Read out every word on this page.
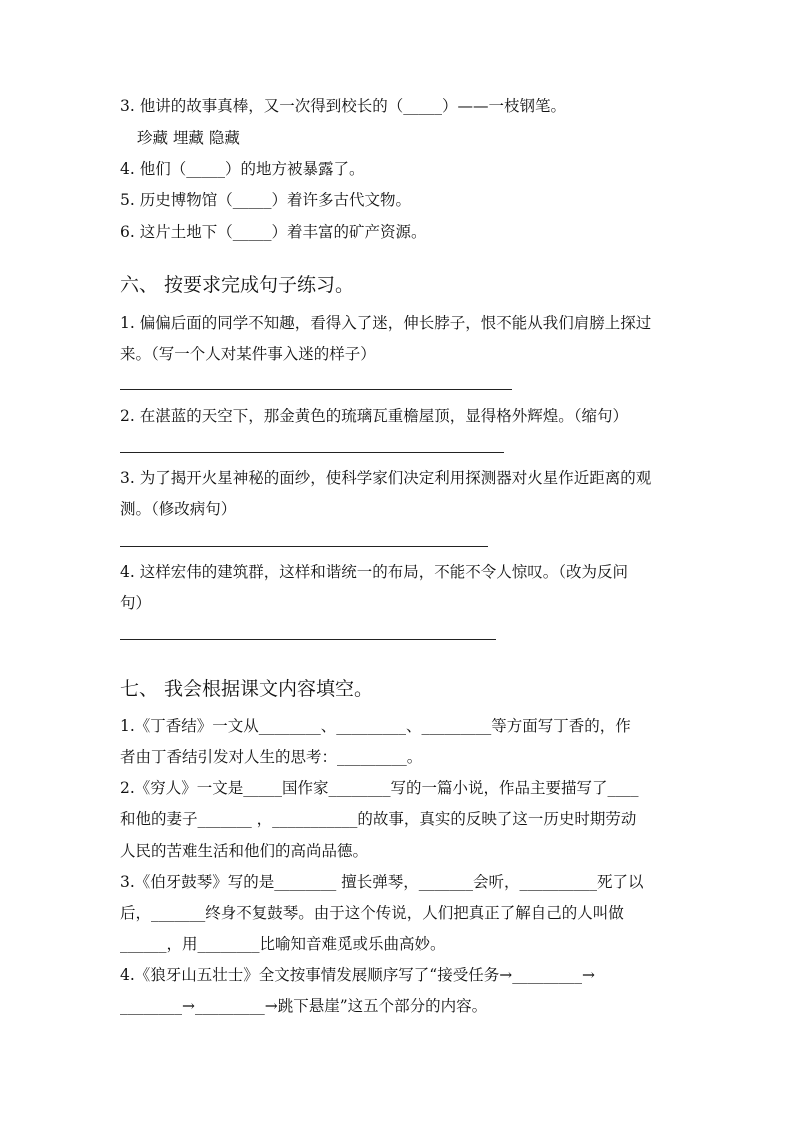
3. 他讲的故事真棒，又一次得到校长的（_____）——一枝钢笔。
珍藏 埋藏 隐藏
4. 他们（_____）的地方被暴露了。
5. 历史博物馆（_____）着许多古代文物。
6. 这片土地下（_____）着丰富的矿产资源。
六、 按要求完成句子练习。
1. 偏偏后面的同学不知趣，看得入了迷，伸长脖子，恨不能从我们肩膀上探过
来。（写一个人对某件事入迷的样子）
2. 在湛蓝的天空下，那金黄色的琉璃瓦重檐屋顶，显得格外辉煌。（缩句）
3. 为了揭开火星神秘的面纱，使科学家们决定利用探测器对火星作近距离的观
测。（修改病句）
4. 这样宏伟的建筑群，这样和谐统一的布局，不能不令人惊叹。（改为反问
句）
七、 我会根据课文内容填空。
1.《丁香结》一文从________、_________、_________等方面写丁香的，作
者由丁香结引发对人生的思考：_________。
2.《穷人》一文是_____国作家________写的一篇小说，作品主要描写了____
和他的妻子_______ ，___________的故事，真实的反映了这一历史时期劳动
人民的苦难生活和他们的高尚品德。
3.《伯牙鼓琴》写的是________ 擅长弹琴，_______会听，__________死了以
后，_______终身不复鼓琴。由于这个传说，人们把真正了解自己的人叫做
______，用________比喻知音难觅或乐曲高妙。
4.《狼牙山五壮士》全文按事情发展顺序写了“接受任务→_________→
________→_________→跳下悬崖”这五个部分的内容。
